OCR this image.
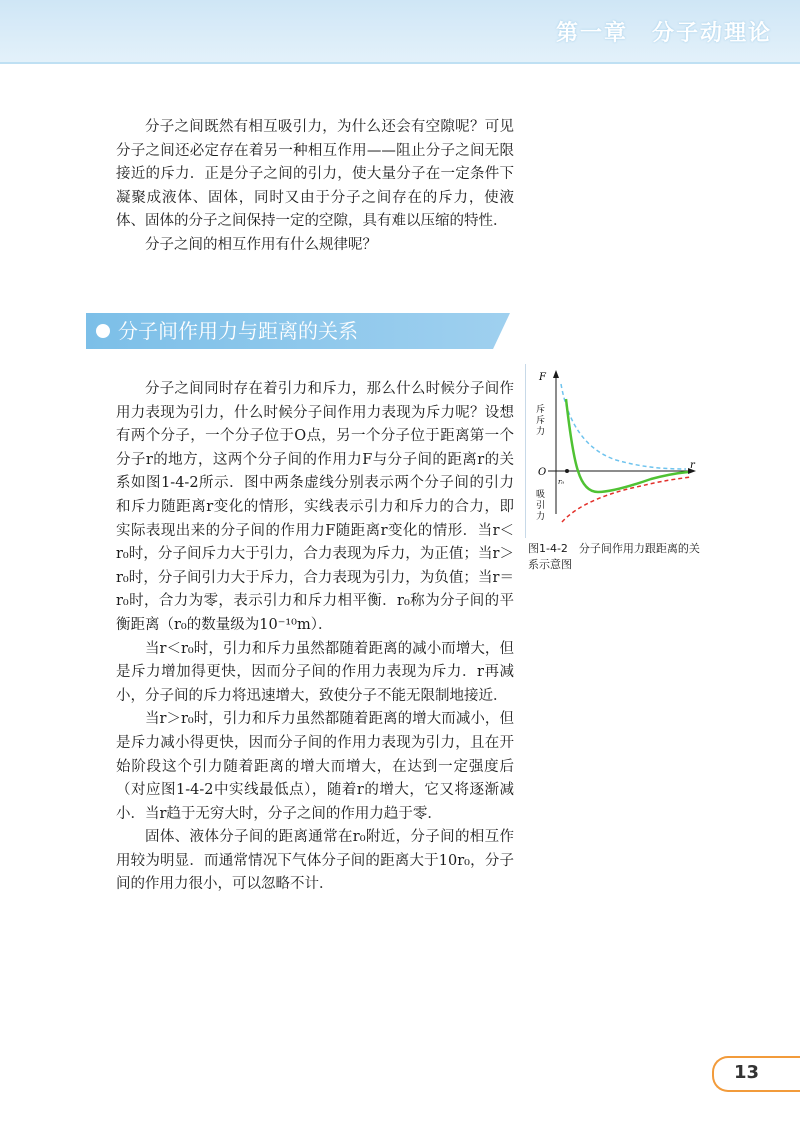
第一章　分子动理论

分子之间既然有相互吸引力，为什么还会有空隙呢？可见分子之间还必定存在着另一种相互作用——阻止分子之间无限接近的斥力．正是分子之间的引力，使大量分子在一定条件下凝聚成液体、固体，同时又由于分子之间存在的斥力，使液体、固体的分子之间保持一定的空隙，具有难以压缩的特性．

分子之间的相互作用有什么规律呢？

分子间作用力与距离的关系

分子之间同时存在着引力和斥力，那么什么时候分子间作用力表现为引力，什么时候分子间作用力表现为斥力呢？设想有两个分子，一个分子位于O点，另一个分子位于距离第一个分子r的地方，这两个分子间的作用力F与分子间的距离r的关系如图1-4-2所示．图中两条虚线分别表示两个分子间的引力和斥力随距离r变化的情形，实线表示引力和斥力的合力，即实际表现出来的分子间的作用力F随距离r变化的情形．当r＜r₀时，分子间斥力大于引力，合力表现为斥力，为正值；当r＞r₀时，分子间引力大于斥力，合力表现为引力，为负值；当r＝r₀时，合力为零，表示引力和斥力相平衡．r₀称为分子间的平衡距离（r₀的数量级为10⁻¹⁰m）．

当r＜r₀时，引力和斥力虽然都随着距离的减小而增大，但是斥力增加得更快，因而分子间的作用力表现为斥力．r再减小，分子间的斥力将迅速增大，致使分子不能无限制地接近．

当r＞r₀时，引力和斥力虽然都随着距离的增大而减小，但是斥力减小得更快，因而分子间的作用力表现为引力，且在开始阶段这个引力随着距离的增大而增大，在达到一定强度后（对应图1-4-2中实线最低点），随着r的增大，它又将逐渐减小．当r趋于无穷大时，分子之间的作用力趋于零．

固体、液体分子间的距离通常在r₀附近，分子间的相互作用较为明显．而通常情况下气体分子间的距离大于10r₀，分子间的作用力很小，可以忽略不计．

F
r
O
r₀
斥
斥
力
吸
引
力
图1-4-2　分子间作用力跟距离的关系示意图
13
